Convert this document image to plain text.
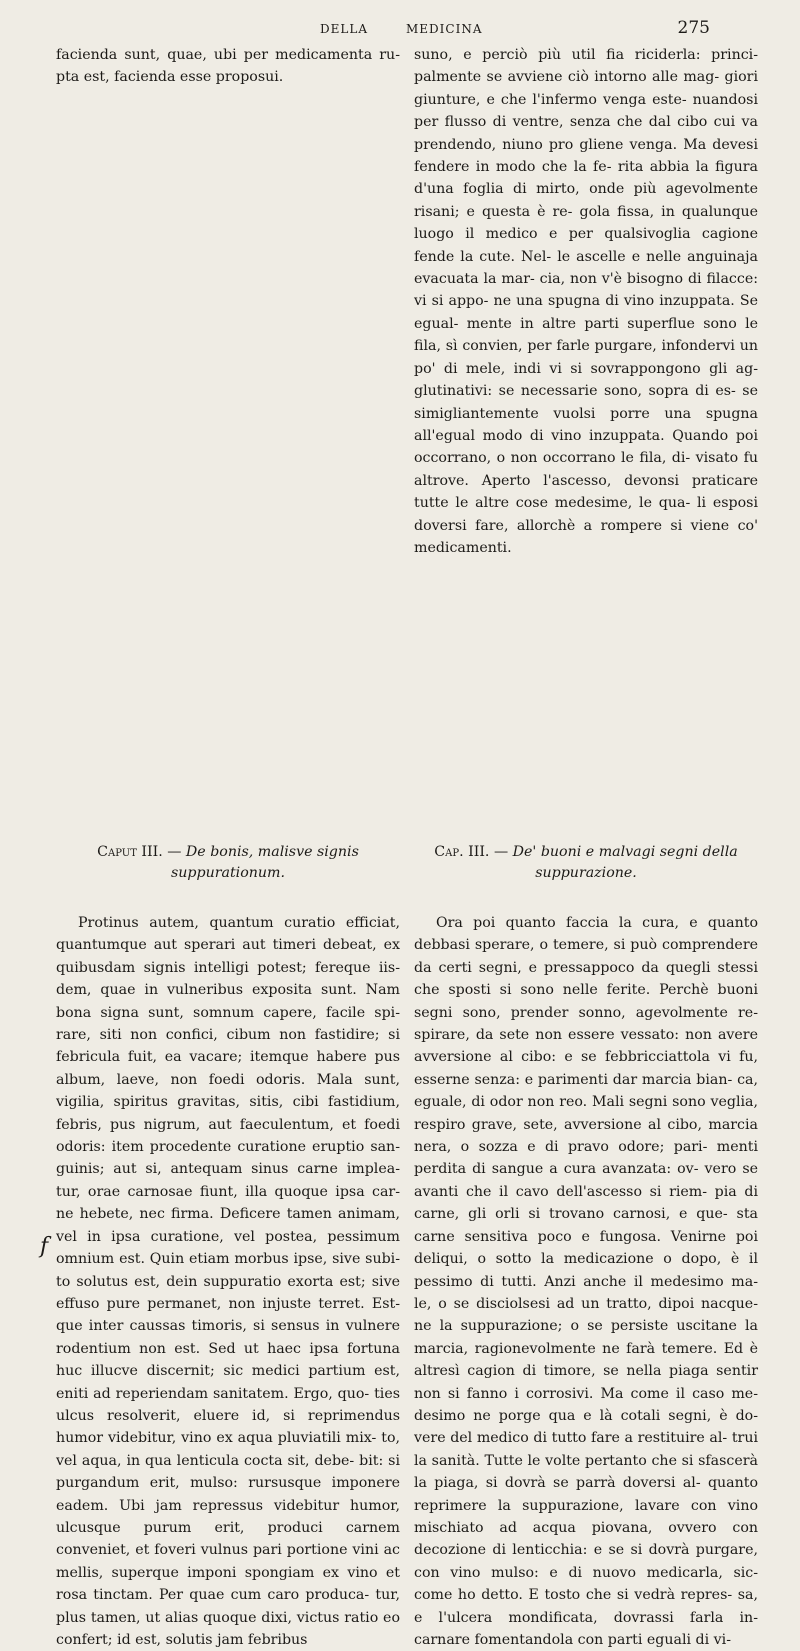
DELLA	MEDICINA	275

facienda sunt, quae, ubi per medicamenta ru- pta est, facienda esse proposui.

Caput III. — De bonis, malisve signis suppurationum.

Protinus autem, quantum curatio efficiat, quantumque aut sperari aut timeri debeat, ex quibusdam signis intelligi potest; fereque iis- dem, quae in vulneribus exposita sunt. Nam bona signa sunt, somnum capere, facile spi- rare, siti non confici, cibum non fastidire; si febricula fuit, ea vacare; itemque habere pus album, laeve, non foedi odoris. Mala sunt, vigilia, spiritus gravitas, sitis, cibi fastidium, febris, pus nigrum, aut faeculentum, et foedi odoris: item procedente curatione eruptio san- guinis; aut si, antequam sinus carne implea- tur, orae carnosae fiunt, illa quoque ipsa car- ne hebete, nec firma. Deficere tamen animam, vel in ipsa curatione, vel postea, pessimum omnium est. Quin etiam morbus ipse, sive subi- to solutus est, dein suppuratio exorta est; sive effuso pure permanet, non injuste terret. Est- que inter caussas timoris, si sensus in vulnere rodentium non est. Sed ut haec ipsa fortuna huc illucve discernit; sic medici partium est, eniti ad reperiendam sanitatem. Ergo, quo- ties ulcus resolverit, eluere id, si reprimendus humor videbitur, vino ex aqua pluviatili mix- to, vel aqua, in qua lenticula cocta sit, debe- bit: si purgandum erit, mulso: rursusque imponere eadem. Ubi jam repressus videbitur humor, ulcusque purum erit, produci carnem conveniet, et foveri vulnus pari portione vini ac mellis, superque imponi spongiam ex vino et rosa tinctam. Per quae cum caro produca- tur, plus tamen, ut alias quoque dixi, victus ratio eo confert; id est, solutis jam febribus

suno, e perciò più util fia riciderla: princi- palmente se avviene ciò intorno alle mag- giori giunture, e che l'infermo venga este- nuandosi per flusso di ventre, senza che dal cibo cui va prendendo, niuno pro gliene venga. Ma devesi fendere in modo che la fe- rita abbia la figura d'una foglia di mirto, onde più agevolmente risani; e questa è re- gola fissa, in qualunque luogo il medico e per qualsivoglia cagione fende la cute. Nel- le ascelle e nelle anguinaja evacuata la mar- cia, non v'è bisogno di filacce: vi si appo- ne una spugna di vino inzuppata. Se egual- mente in altre parti superflue sono le fila, sì convien, per farle purgare, infondervi un po' di mele, indi vi si sovrappongono gli ag- glutinativi: se necessarie sono, sopra di es- se simigliantemente vuolsi porre una spugna all'egual modo di vino inzuppata. Quando poi occorrano, o non occorrano le fila, di- visato fu altrove. Aperto l'ascesso, devonsi praticare tutte le altre cose medesime, le qua- li esposi doversi fare, allorchè a rompere si viene co' medicamenti.

Cap. III. — De' buoni e malvagi segni della suppurazione.

Ora poi quanto faccia la cura, e quanto debbasi sperare, o temere, si può comprendere da certi segni, e pressappoco da quegli stessi che sposti si sono nelle ferite. Perchè buoni segni sono, prender sonno, agevolmente re- spirare, da sete non essere vessato: non avere avversione al cibo: e se febbricciattola vi fu, esserne senza: e parimenti dar marcia bian- ca, eguale, di odor non reo. Mali segni sono veglia, respiro grave, sete, avversione al cibo, marcia nera, o sozza e di pravo odore; pari- menti perdita di sangue a cura avanzata: ov- vero se avanti che il cavo dell'ascesso si riem- pia di carne, gli orli si trovano carnosi, e que- sta carne sensitiva poco e fungosa. Venirne poi deliqui, o sotto la medicazione o dopo, è il pessimo di tutti. Anzi anche il medesimo ma- le, o se disciolsesi ad un tratto, dipoi nacque- ne la suppurazione; o se persiste uscitane la marcia, ragionevolmente ne farà temere. Ed è altresì cagion di timore, se nella piaga sentir non si fanno i corrosivi. Ma come il caso me- desimo ne porge qua e là cotali segni, è do- vere del medico di tutto fare a restituire al- trui la sanità. Tutte le volte pertanto che si sfascerà la piaga, si dovrà se parrà doversi al- quanto reprimere la suppurazione, lavare con vino mischiato ad acqua piovana, ovvero con decozione di lenticchia: e se si dovrà purgare, con vino mulso: e di nuovo medicarla, sic- come ho detto. E tosto che si vedrà repres- sa, e l'ulcera mondificata, dovrassi farla in- carnare fomentandola con parti eguali di vi-

f
